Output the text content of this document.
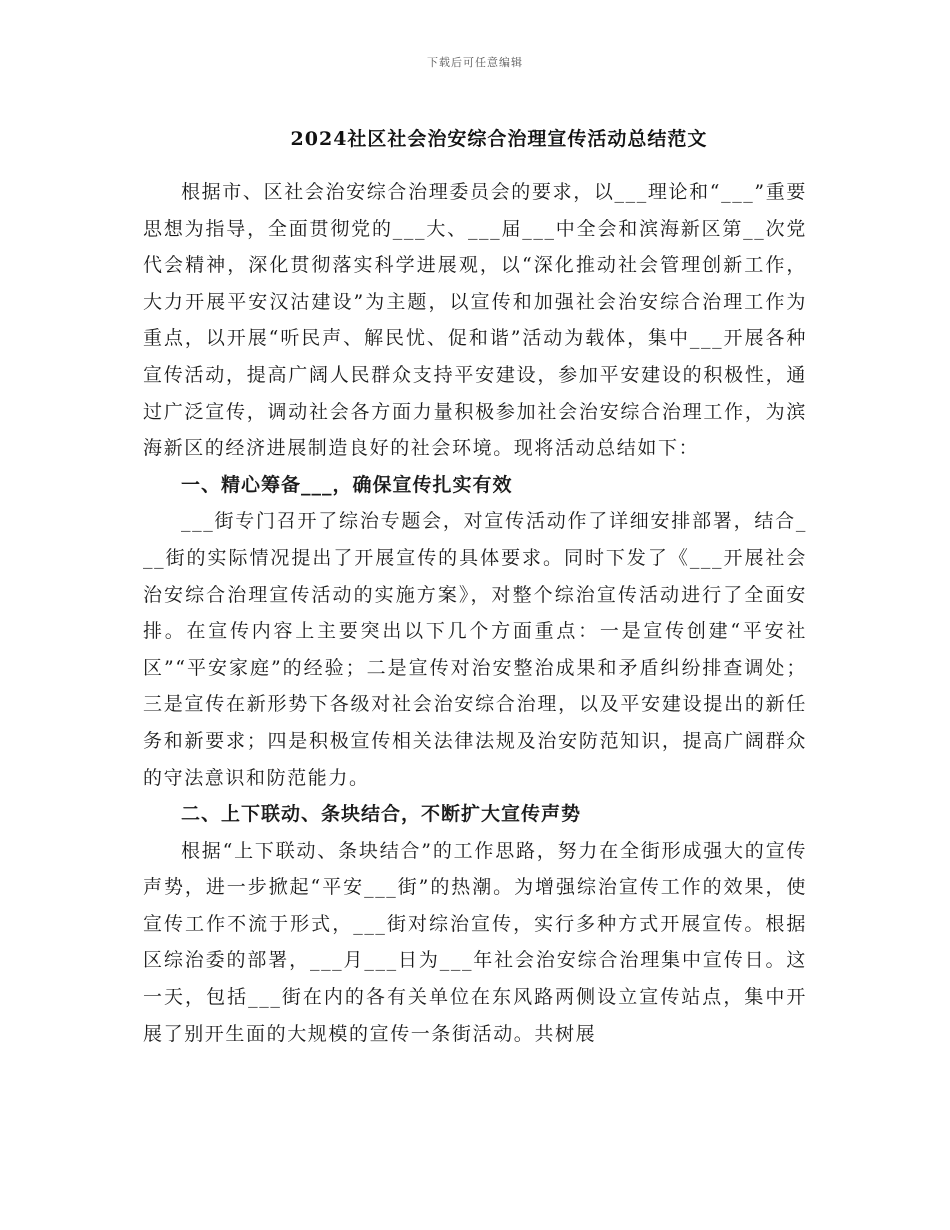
下载后可任意编辑
2024社区社会治安综合治理宣传活动总结范文

根据市、区社会治安综合治理委员会的要求，以___理论和“___”重要思想为指导，全面贯彻党的___大、___届___中全会和滨海新区第__次党代会精神，深化贯彻落实科学进展观，以“深化推动社会管理创新工作，大力开展平安汉沽建设”为主题，以宣传和加强社会治安综合治理工作为重点，以开展“听民声、解民忧、促和谐”活动为载体，集中___开展各种宣传活动，提高广阔人民群众支持平安建设，参加平安建设的积极性，通过广泛宣传，调动社会各方面力量积极参加社会治安综合治理工作，为滨海新区的经济进展制造良好的社会环境。现将活动总结如下：

一、精心筹备___，确保宣传扎实有效

___街专门召开了综治专题会，对宣传活动作了详细安排部署，结合___街的实际情况提出了开展宣传的具体要求。同时下发了《___开展社会治安综合治理宣传活动的实施方案》，对整个综治宣传活动进行了全面安排。在宣传内容上主要突出以下几个方面重点：一是宣传创建“平安社区”“平安家庭”的经验；二是宣传对治安整治成果和矛盾纠纷排查调处；三是宣传在新形势下各级对社会治安综合治理，以及平安建设提出的新任务和新要求；四是积极宣传相关法律法规及治安防范知识，提高广阔群众的守法意识和防范能力。

二、上下联动、条块结合，不断扩大宣传声势

根据“上下联动、条块结合”的工作思路，努力在全街形成强大的宣传声势，进一步掀起“平安___街”的热潮。为增强综治宣传工作的效果，使宣传工作不流于形式，___街对综治宣传，实行多种方式开展宣传。根据区综治委的部署，___月___日为___年社会治安综合治理集中宣传日。这一天，包括___街在内的各有关单位在东风路两侧设立宣传站点，集中开展了别开生面的大规模的宣传一条街活动。共树展
